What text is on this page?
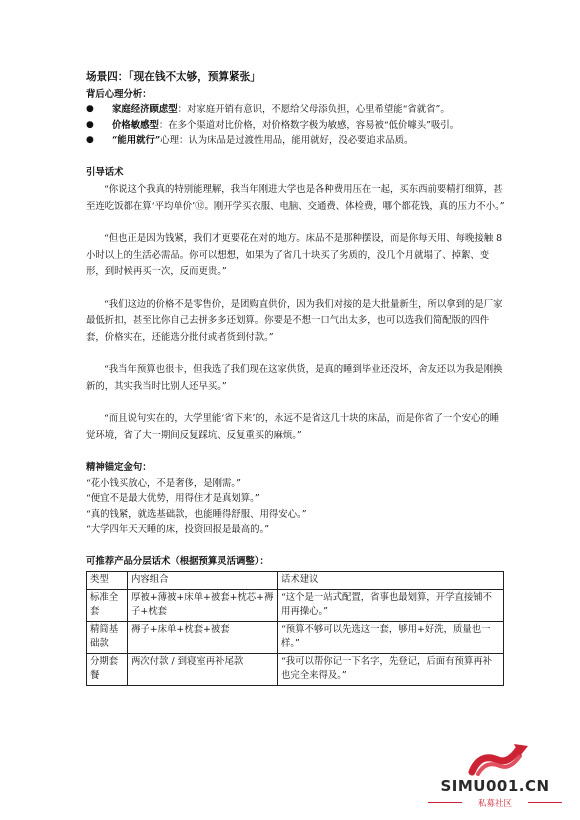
场景四：「现在钱不太够，预算紧张」
背后心理分析：
● 家庭经济顾虑型：对家庭开销有意识，不愿给父母添负担，心里希望能“省就省”。
● 价格敏感型：在多个渠道对比价格，对价格数字极为敏感，容易被“低价噱头”吸引。
● “能用就行”心理：认为床品是过渡性用品，能用就好，没必要追求品质。
引导话术

“你说这个我真的特别能理解，我当年刚进大学也是各种费用压在一起，买东西前要精打细算，甚至连吃饭都在算‘平均单价’⑫。刚开学买衣服、电脑、交通费、体检费，哪个都花钱，真的压力不小。”

“但也正是因为钱紧，我们才更要花在对的地方。床品不是那种摆设，而是你每天用、每晚接触 8 小时以上的生活必需品。你可以想想，如果为了省几十块买了劣质的，没几个月就塌了、掉絮、变形，到时候再买一次，反而更贵。”

“我们这边的价格不是零售价，是团购直供价，因为我们对接的是大批量新生，所以拿到的是厂家最低折扣，甚至比你自己去拼多多还划算。你要是不想一口气出太多，也可以选我们简配版的四件套，价格实在，还能选分批付或者货到付款。”

“我当年预算也很卡，但我选了我们现在这家供货，是真的睡到毕业还没坏，舍友还以为我是刚换新的，其实我当时比别人还早买。”

“而且说句实在的，大学里能‘省下来’的，永远不是省这几十块的床品，而是你省了一个安心的睡觉环境，省了大一期间反复踩坑、反复重买的麻烦。”

精神锚定金句：
“花小钱买放心，不是奢侈，是刚需。”
“便宜不是最大优势，用得住才是真划算。”
“真的钱紧，就选基础款，也能睡得舒服、用得安心。”
“大学四年天天睡的床，投资回报是最高的。”
可推荐产品分层话术（根据预算灵活调整）：
类型	内容组合	话术建议
标准全套	厚被+薄被+床单+被套+枕芯+褥子+枕套	“这个是一站式配置，省事也最划算，开学直接铺不用再操心。”
精简基础款	褥子+床单+枕套+被套	“预算不够可以先选这一套，够用+好洗，质量也一样。”
分期套餐	两次付款 / 到寝室再补尾款	“我可以帮你记一下名字，先登记，后面有预算再补也完全来得及。”
SIMU001.CN
私募社区
